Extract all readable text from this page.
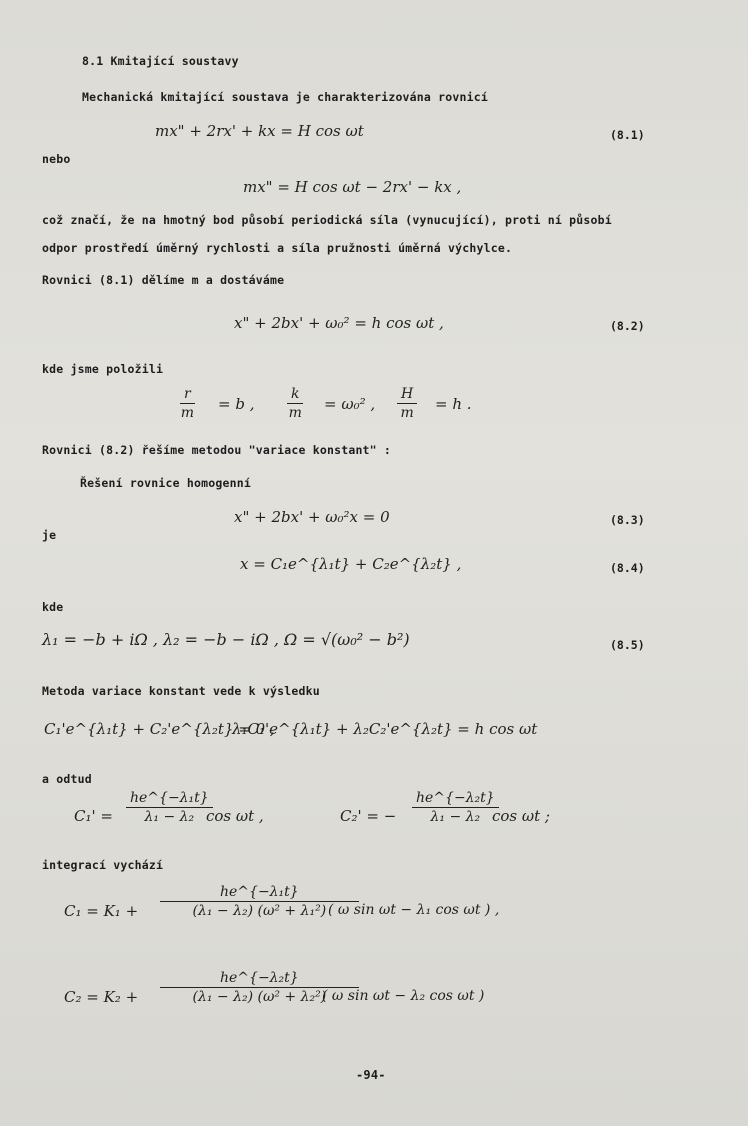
8.1 Kmitající soustavy
Mechanická kmitající soustava je charakterizována rovnicí
mx" + 2rx' + kx = H cos ωt	(8.1)
nebo
mx" = H cos ωt − 2rx' − kx ,
což značí, že na hmotný bod působí periodická síla (vynucující), proti ní působí
odpor prostředí úměrný rychlosti a síla pružnosti úměrná výchylce.
Rovnici (8.1) dělíme m a dostáváme
x" + 2bx' + ω₀² = h cos ωt ,	(8.2)
kde jsme položili
$\frac{r}{m} = b$ , $\frac{k}{m} = \omega_0^2$ , $\frac{H}{m} = h$ .
Rovnici (8.2) řešíme metodou "variace konstant" :
Řešení rovnice homogenní
x" + 2bx' + ω₀²x = 0	(8.3)
je
x = C₁e^{λ₁t} + C₂e^{λ₂t} ,	(8.4)
kde
λ₁ = −b + iΩ , λ₂ = −b − iΩ , Ω = √(ω₀² − b²)	(8.5)
Metoda variace konstant vede k výsledku
C₁'e^{λ₁t} + C₂'e^{λ₂t} = 0 ,
λ₁C₁'e^{λ₁t} + λ₂C₂'e^{λ₂t} = h cos ωt
a odtud
$C_1' = \frac{\text{he\textasciicircum{}\{−λ₁t\}}}{\text{λ₁ − λ₂}}$
cos ωt ,	C₂' = − $\frac{\text{he\textasciicircum{}\{−λ₂t\}}}{\text{λ₁ − λ₂}}$
cos ωt ;
integrací vychází
$C_1 = K_1 + \frac{\text{he\textasciicircum{}\{−λ₁t\}}}{\text{(λ₁ − λ₂) (ω² + λ₁²)}}$
( ω sin ωt − λ₁ cos ωt ) ,
$C_2 = K_2 + \frac{\text{he\textasciicircum{}\{−λ₂t\}}}{\text{(λ₁ − λ₂) (ω² + λ₂²)}}$
( ω sin ωt − λ₂ cos ωt )
-94-
